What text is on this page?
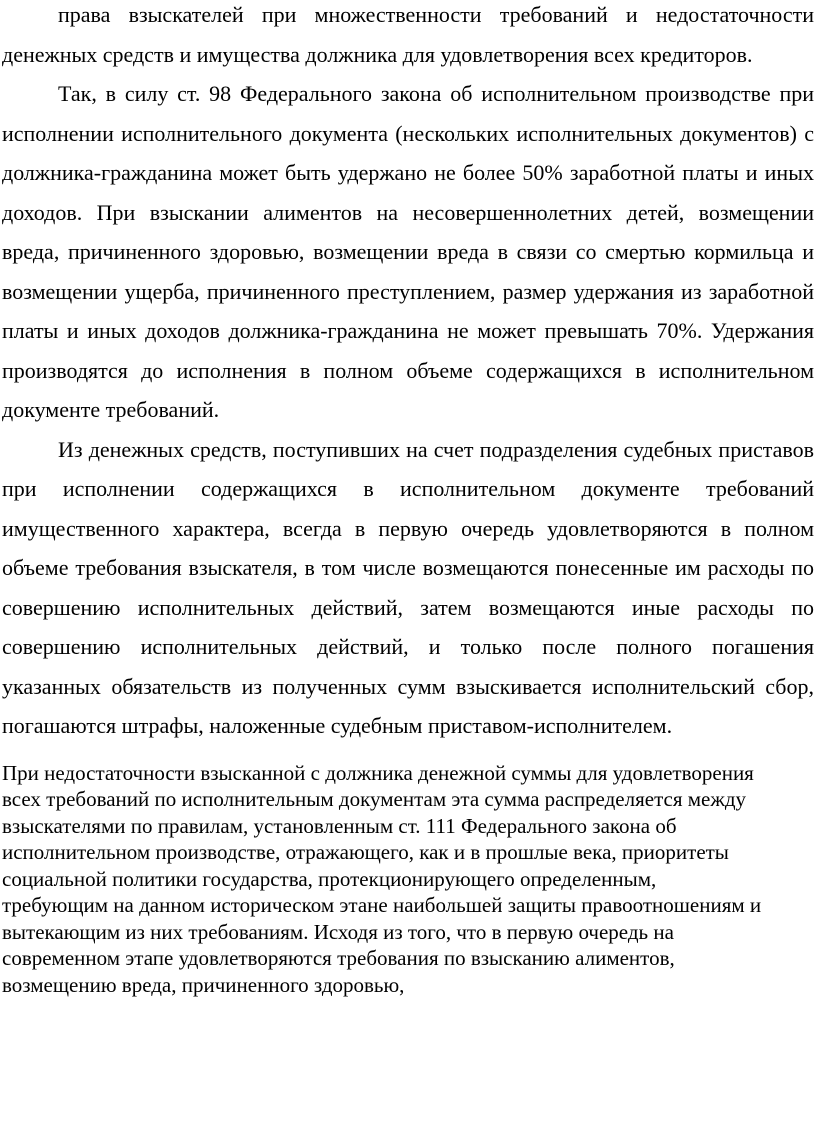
права взыскателей при множественности требований и недостаточности денежных средств и имущества должника для удовлетворения всех кредиторов.

Так, в силу ст. 98 Федерального закона об исполнительном производстве при исполнении исполнительного документа (нескольких исполнительных документов) с должника-гражданина может быть удержано не более 50% заработной платы и иных доходов. При взыскании алиментов на несовершеннолетних детей, возмещении вреда, причиненного здоровью, возмещении вреда в связи со смертью кормильца и возмещении ущерба, причиненного преступлением, размер удержания из заработной платы и иных доходов должника-гражданина не может превышать 70%. Удержания производятся до исполнения в полном объеме содержащихся в исполнительном документе требований.

Из денежных средств, поступивших на счет подразделения судебных приставов при исполнении содержащихся в исполнительном документе требований имущественного характера, всегда в первую очередь удовлетворяются в полном объеме требования взыскателя, в том числе возмещаются понесенные им расходы по совершению исполнительных действий, затем возмещаются иные расходы по совершению исполнительных действий, и только после полного погашения указанных обязательств из полученных сумм взыскивается исполнительский сбор, погашаются штрафы, наложенные судебным приставом-исполнителем.

При недостаточности взысканной с должника денежной суммы для удовлетворения всех требований по исполнительным документам эта сумма распределяется между взыскателями по правилам, установленным ст. 111 Федерального закона об исполнительном производстве, отражающего, как и в прошлые века, приоритеты социальной политики государства, протекционирующего определенным, требующим на данном историческом этане наибольшей защиты правоотношениям и вытекающим из них требованиям. Исходя из того, что в первую очередь на современном этапе удовлетворяются требования по взысканию алиментов, возмещению вреда, причиненного здоровью,
